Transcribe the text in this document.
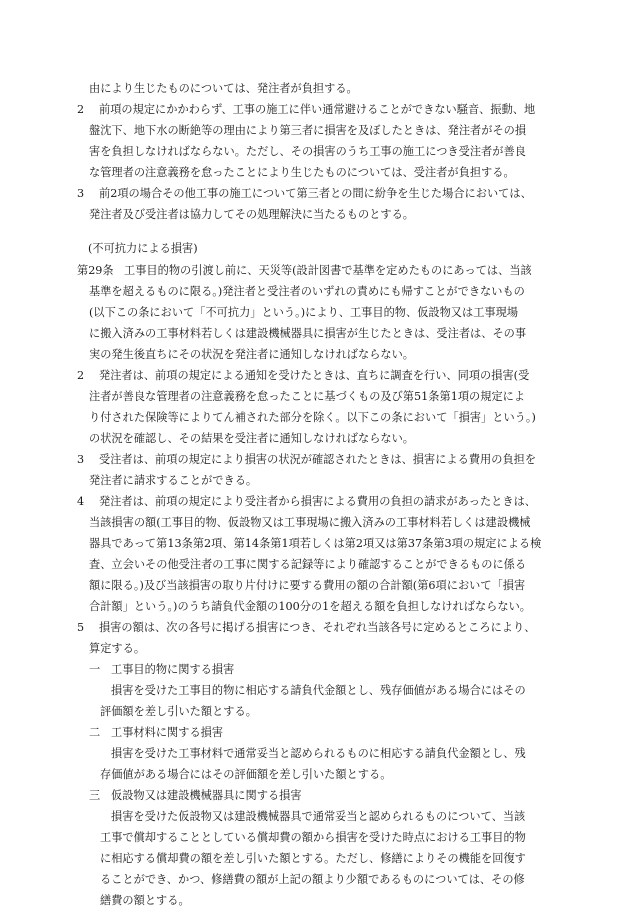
由により生じたものについては、発注者が負担する。
2 前項の規定にかかわらず、工事の施工に伴い通常避けることができない騒音、振動、地
盤沈下、地下水の断絶等の理由により第三者に損害を及ぼしたときは、発注者がその損
害を負担しなければならない。ただし、その損害のうち工事の施工につき受注者が善良
な管理者の注意義務を怠ったことにより生じたものについては、受注者が負担する。
3 前2項の場合その他工事の施工について第三者との間に紛争を生じた場合においては、
発注者及び受注者は協力してその処理解決に当たるものとする。
(不可抗力による損害)
第29条 工事目的物の引渡し前に、天災等(設計図書で基準を定めたものにあっては、当該
基準を超えるものに限る。)発注者と受注者のいずれの責めにも帰すことができないもの
(以下この条において「不可抗力」という。)により、工事目的物、仮設物又は工事現場
に搬入済みの工事材料若しくは建設機械器具に損害が生じたときは、受注者は、その事
実の発生後直ちにその状況を発注者に通知しなければならない。
2 発注者は、前項の規定による通知を受けたときは、直ちに調査を行い、同項の損害(受
注者が善良な管理者の注意義務を怠ったことに基づくもの及び第51条第1項の規定によ
り付された保険等によりてん補された部分を除く。以下この条において「損害」という。)
の状況を確認し、その結果を受注者に通知しなければならない。
3 受注者は、前項の規定により損害の状況が確認されたときは、損害による費用の負担を
発注者に請求することができる。
4 発注者は、前項の規定により受注者から損害による費用の負担の請求があったときは、
当該損害の額(工事目的物、仮設物又は工事現場に搬入済みの工事材料若しくは建設機械
器具であって第13条第2項、第14条第1項若しくは第2項又は第37条第3項の規定による検
査、立会いその他受注者の工事に関する記録等により確認することができるものに係る
額に限る。)及び当該損害の取り片付けに要する費用の額の合計額(第6項において「損害
合計額」という。)のうち請負代金額の100分の1を超える額を負担しなければならない。
5 損害の額は、次の各号に掲げる損害につき、それぞれ当該各号に定めるところにより、
算定する。
一 工事目的物に関する損害
損害を受けた工事目的物に相応する請負代金額とし、残存価値がある場合にはその
評価額を差し引いた額とする。
二 工事材料に関する損害
損害を受けた工事材料で通常妥当と認められるものに相応する請負代金額とし、残
存価値がある場合にはその評価額を差し引いた額とする。
三 仮設物又は建設機械器具に関する損害
損害を受けた仮設物又は建設機械器具で通常妥当と認められるものについて、当該
工事で償却することとしている償却費の額から損害を受けた時点における工事目的物
に相応する償却費の額を差し引いた額とする。ただし、修繕によりその機能を回復す
ることができ、かつ、修繕費の額が上記の額より少額であるものについては、その修
繕費の額とする。
